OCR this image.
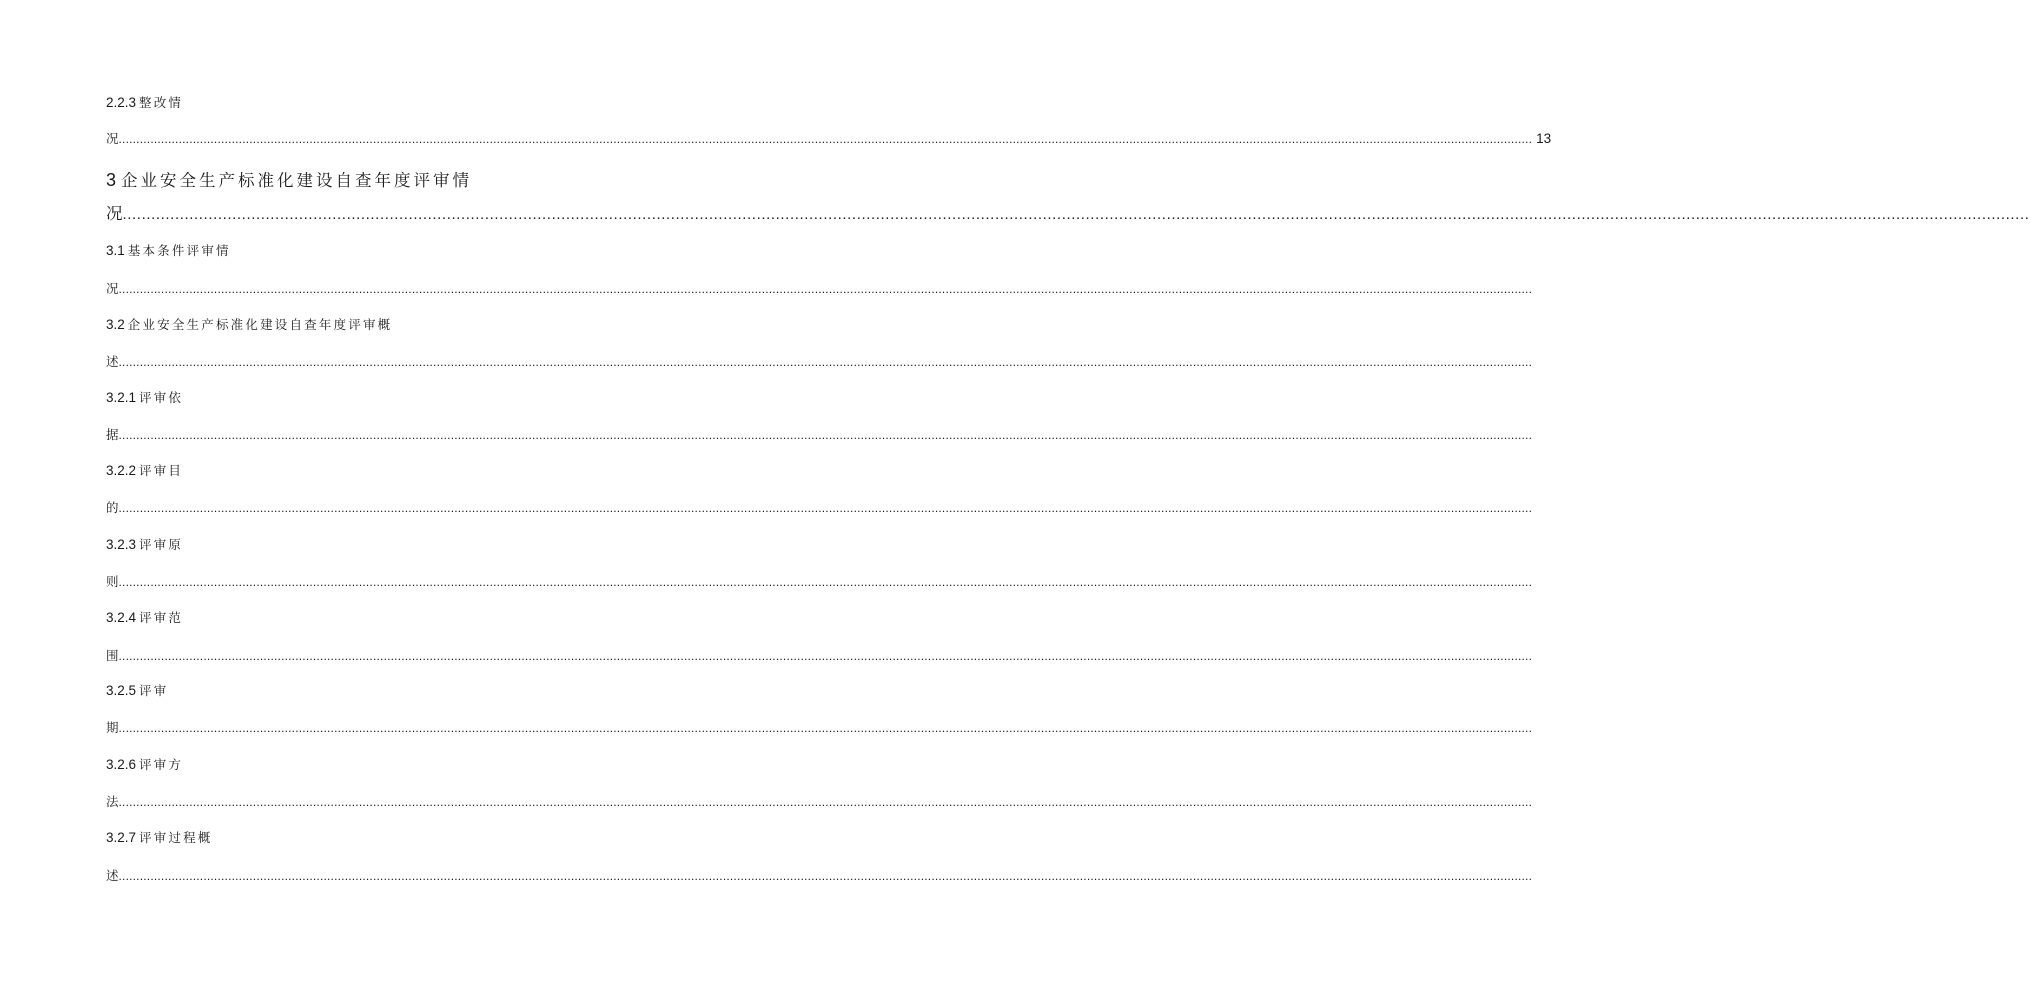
2.2.3 整改情
况 ................................................................................................................................................................................................................................................................................................................................................................................................................ 13
3 企业安全生产标准化建设自查年度评审情
况 ................................................................................................................................................................................................................................................................................................................................................................................................................
3.1 基本条件评审情
况 ................................................................................................................................................................................................................................................................................................................................................................................................................
3.2 企业安全生产标准化建设自查年度评审概
述 ................................................................................................................................................................................................................................................................................................................................................................................................................
3.2.1 评审依
据 ................................................................................................................................................................................................................................................................................................................................................................................................................
3.2.2 评审目
的 ................................................................................................................................................................................................................................................................................................................................................................................................................
3.2.3 评审原
则 ................................................................................................................................................................................................................................................................................................................................................................................................................
3.2.4 评审范
围 ................................................................................................................................................................................................................................................................................................................................................................................................................
3.2.5 评审
期 ................................................................................................................................................................................................................................................................................................................................................................................................................
3.2.6 评审方
法 ................................................................................................................................................................................................................................................................................................................................................................................................................
3.2.7 评审过程概
述 ................................................................................................................................................................................................................................................................................................................................................................................................................
